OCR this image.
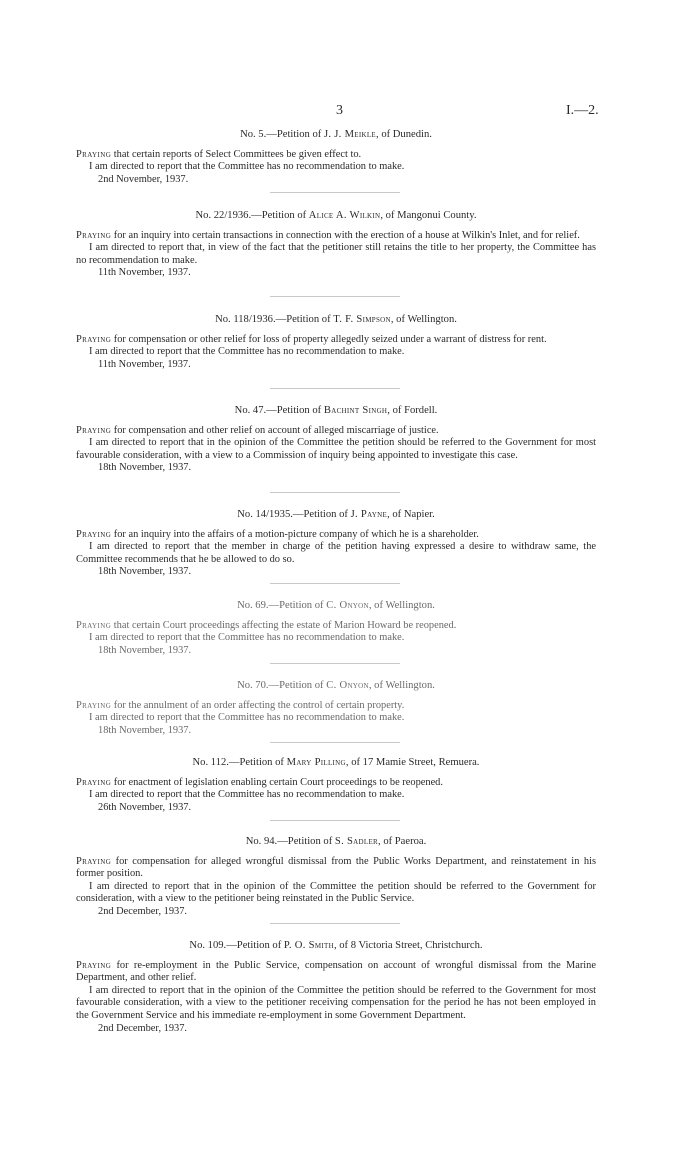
3	I.—2.
No. 5.—Petition of J. J. Meikle, of Dunedin.

Praying that certain reports of Select Committees be given effect to.

I am directed to report that the Committee has no recommendation to make.

2nd November, 1937.

No. 22/1936.—Petition of Alice A. Wilkin, of Mangonui County.

Praying for an inquiry into certain transactions in connection with the erection of a house at Wilkin's Inlet, and for relief.

I am directed to report that, in view of the fact that the petitioner still retains the title to her property, the Committee has no recommendation to make.

11th November, 1937.

No. 118/1936.—Petition of T. F. Simpson, of Wellington.

Praying for compensation or other relief for loss of property allegedly seized under a warrant of distress for rent.

I am directed to report that the Committee has no recommendation to make.

11th November, 1937.

No. 47.—Petition of Bachint Singh, of Fordell.

Praying for compensation and other relief on account of alleged miscarriage of justice.

I am directed to report that in the opinion of the Committee the petition should be referred to the Government for most favourable consideration, with a view to a Commission of inquiry being appointed to investigate this case.

18th November, 1937.

No. 14/1935.—Petition of J. Payne, of Napier.

Praying for an inquiry into the affairs of a motion-picture company of which he is a shareholder.

I am directed to report that the member in charge of the petition having expressed a desire to withdraw same, the Committee recommends that he be allowed to do so.

18th November, 1937.

No. 69.—Petition of C. Onyon, of Wellington.

Praying that certain Court proceedings affecting the estate of Marion Howard be reopened.

I am directed to report that the Committee has no recommendation to make.

18th November, 1937.

No. 70.—Petition of C. Onyon, of Wellington.

Praying for the annulment of an order affecting the control of certain property.

I am directed to report that the Committee has no recommendation to make.

18th November, 1937.

No. 112.—Petition of Mary Pilling, of 17 Mamie Street, Remuera.

Praying for enactment of legislation enabling certain Court proceedings to be reopened.

I am directed to report that the Committee has no recommendation to make.

26th November, 1937.

No. 94.—Petition of S. Sadler, of Paeroa.

Praying for compensation for alleged wrongful dismissal from the Public Works Department, and reinstatement in his former position.

I am directed to report that in the opinion of the Committee the petition should be referred to the Government for consideration, with a view to the petitioner being reinstated in the Public Service.

2nd December, 1937.

No. 109.—Petition of P. O. Smith, of 8 Victoria Street, Christchurch.

Praying for re-employment in the Public Service, compensation on account of wrongful dismissal from the Marine Department, and other relief.

I am directed to report that in the opinion of the Committee the petition should be referred to the Government for most favourable consideration, with a view to the petitioner receiving compensation for the period he has not been employed in the Government Service and his immediate re-employment in some Government Department.

2nd December, 1937.
